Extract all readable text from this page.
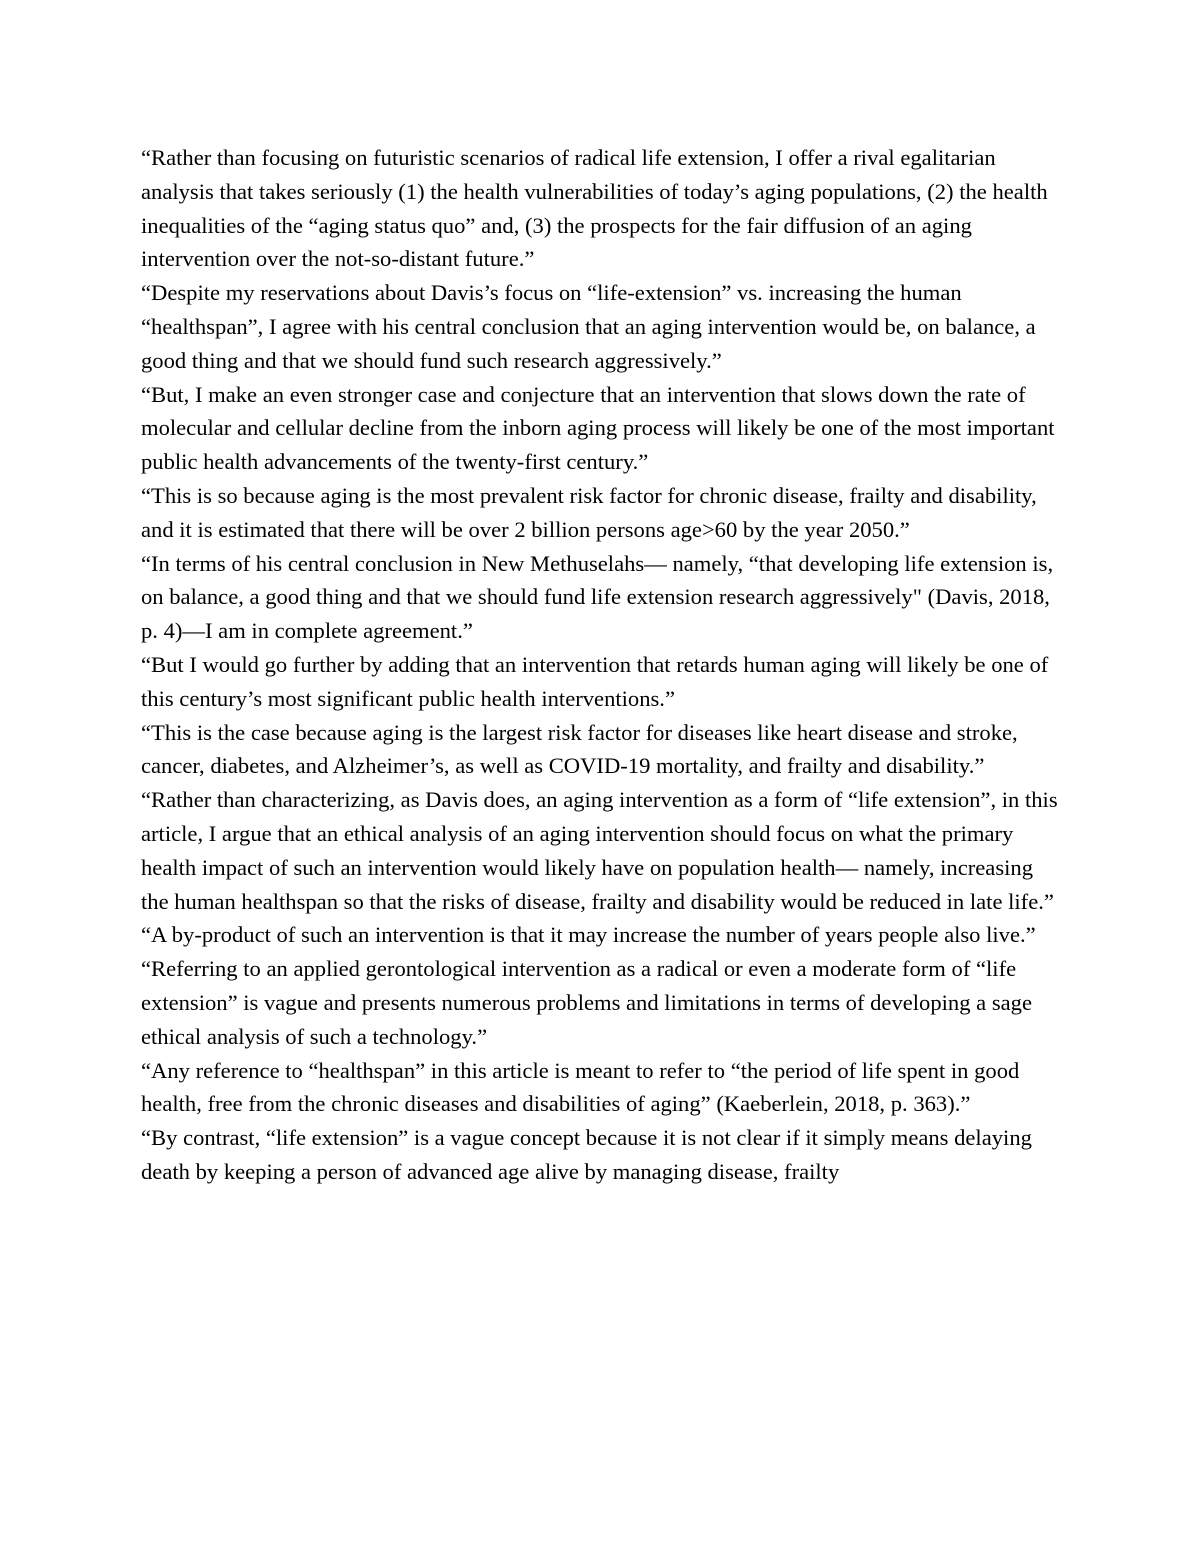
“Rather than focusing on futuristic scenarios of radical life extension, I offer a rival egalitarian analysis that takes seriously (1) the health vulnerabilities of today’s aging populations, (2) the health inequalities of the “aging status quo” and, (3) the prospects for the fair diffusion of an aging intervention over the not-so-distant future.”

“Despite my reservations about Davis’s focus on “life-extension” vs. increasing the human “healthspan”, I agree with his central conclusion that an aging intervention would be, on balance, a good thing and that we should fund such research aggressively.”

“But, I make an even stronger case and conjecture that an intervention that slows down the rate of molecular and cellular decline from the inborn aging process will likely be one of the most important public health advancements of the twenty-first century.”

“This is so because aging is the most prevalent risk factor for chronic disease, frailty and disability, and it is estimated that there will be over 2 billion persons age>60 by the year 2050.”

“In terms of his central conclusion in New Methuselahs— namely, “that developing life extension is, on balance, a good thing and that we should fund life extension research aggressively" (Davis, 2018, p. 4)—I am in complete agreement.”

“But I would go further by adding that an intervention that retards human aging will likely be one of this century’s most significant public health interventions.”

“This is the case because aging is the largest risk factor for diseases like heart disease and stroke, cancer, diabetes, and Alzheimer’s, as well as COVID-19 mortality, and frailty and disability.”

“Rather than characterizing, as Davis does, an aging intervention as a form of “life extension”, in this article, I argue that an ethical analysis of an aging intervention should focus on what the primary health impact of such an intervention would likely have on population health— namely, increasing the human healthspan so that the risks of disease, frailty and disability would be reduced in late life.”

“A by-product of such an intervention is that it may increase the number of years people also live.”

“Referring to an applied gerontological intervention as a radical or even a moderate form of “life extension” is vague and presents numerous problems and limitations in terms of developing a sage ethical analysis of such a technology.”

“Any reference to “healthspan” in this article is meant to refer to “the period of life spent in good health, free from the chronic diseases and disabilities of aging” (Kaeberlein, 2018, p. 363).”

“By contrast, “life extension” is a vague concept because it is not clear if it simply means delaying death by keeping a person of advanced age alive by managing disease, frailty
